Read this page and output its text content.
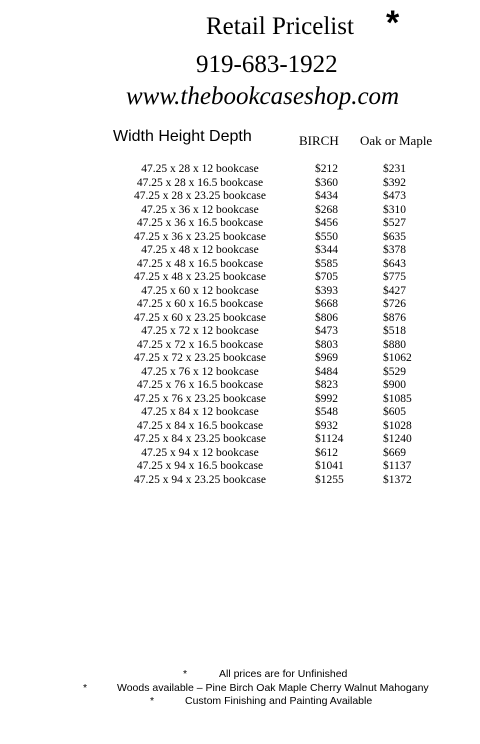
Retail Pricelist *
919-683-1922
www.thebookcaseshop.com
Width Height Depth	BIRCH Oak or Maple
47.25 x 28 x 12 bookcase	$212	$231
47.25 x 28 x 16.5 bookcase	$360	$392
47.25 x 28 x 23.25 bookcase	$434	$473
47.25 x 36 x 12 bookcase	$268	$310
47.25 x 36 x 16.5 bookcase	$456	$527
47.25 x 36 x 23.25 bookcase	$550	$635
47.25 x 48 x 12 bookcase	$344	$378
47.25 x 48 x 16.5 bookcase	$585	$643
47.25 x 48 x 23.25 bookcase	$705	$775
47.25 x 60 x 12 bookcase	$393	$427
47.25 x 60 x 16.5 bookcase	$668	$726
47.25 x 60 x 23.25 bookcase	$806	$876
47.25 x 72 x 12 bookcase	$473	$518
47.25 x 72 x 16.5 bookcase	$803	$880
47.25 x 72 x 23.25 bookcase	$969	$1062
47.25 x 76 x 12 bookcase	$484	$529
47.25 x 76 x 16.5 bookcase	$823	$900
47.25 x 76 x 23.25 bookcase	$992	$1085
47.25 x 84 x 12 bookcase	$548	$605
47.25 x 84 x 16.5 bookcase	$932	$1028
47.25 x 84 x 23.25 bookcase	$1124	$1240
47.25 x 94 x 12 bookcase	$612	$669
47.25 x 94 x 16.5 bookcase	$1041	$1137
47.25 x 94 x 23.25 bookcase	$1255	$1372
*	All prices are for Unfinished
*	Woods available – Pine Birch Oak Maple Cherry Walnut Mahogany
*	Custom Finishing and Painting Available
